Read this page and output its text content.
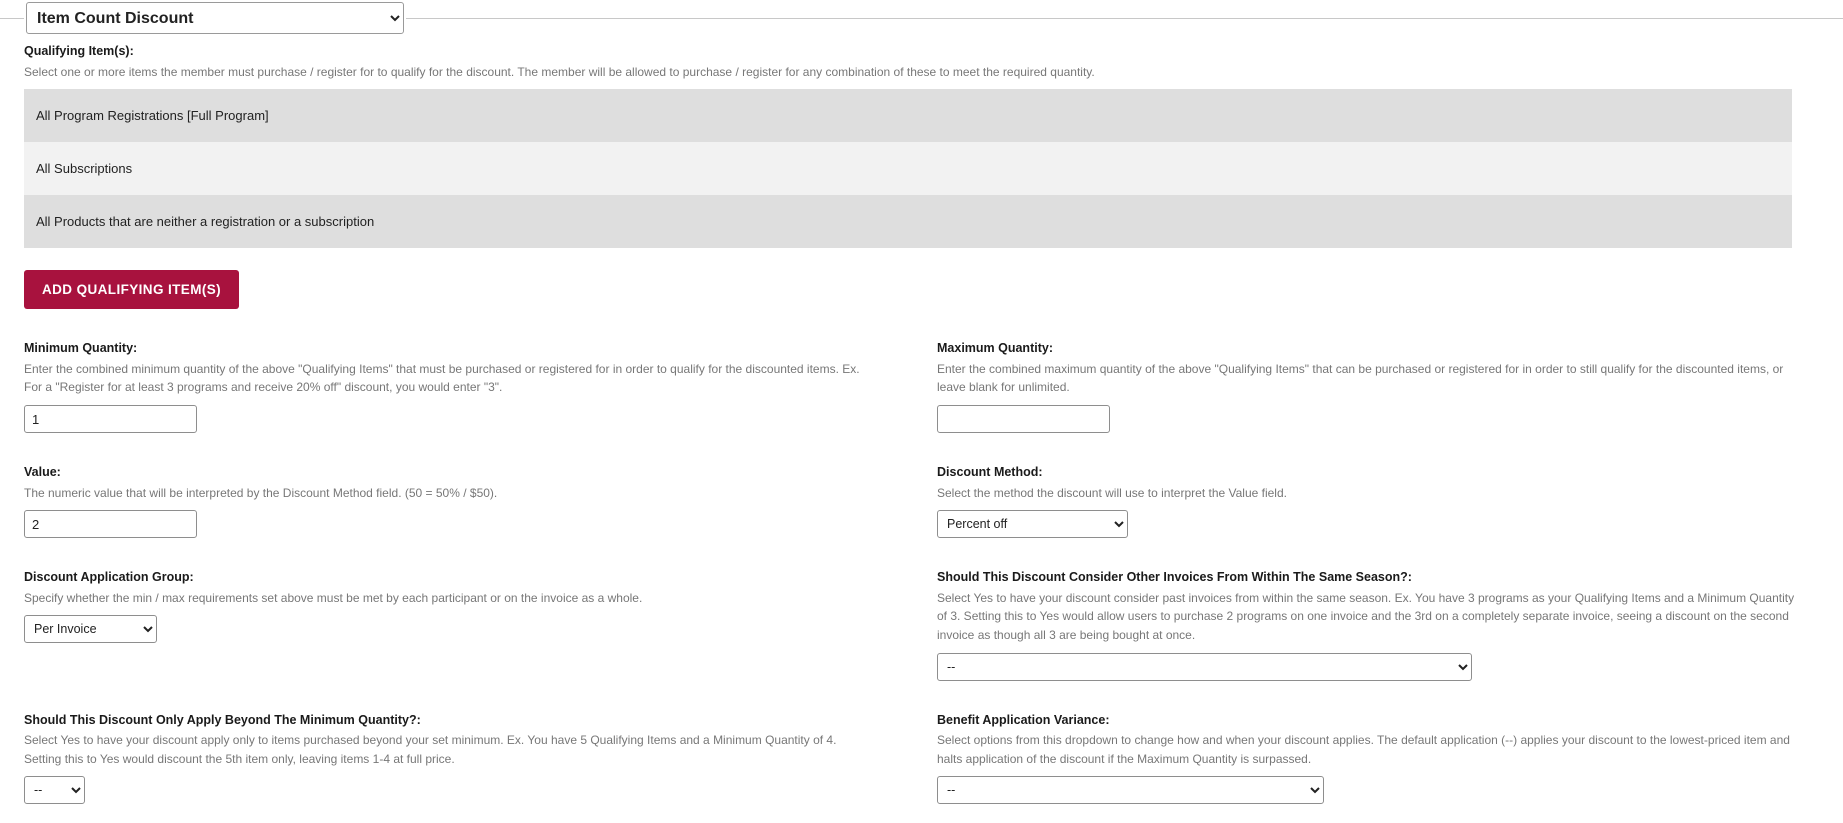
Item Count Discount
Qualifying Item(s):
Select one or more items the member must purchase / register for to qualify for the discount. The member will be allowed to purchase / register for any combination of these to meet the required quantity.
All Program Registrations [Full Program]	

All Subscriptions	

All Products that are neither a registration or a subscription	
ADD QUALIFYING ITEM(S)
Minimum Quantity:
Enter the combined minimum quantity of the above "Qualifying Items" that must be purchased or registered for in order to qualify for the discounted items. Ex. For a "Register for at least 3 programs and receive 20% off" discount, you would enter "3".
1
Maximum Quantity:
Enter the combined maximum quantity of the above "Qualifying Items" that can be purchased or registered for in order to still qualify for the discounted items, or leave blank for unlimited.
Value:
The numeric value that will be interpreted by the Discount Method field. (50 = 50% / $50).
2
Discount Method:
Select the method the discount will use to interpret the Value field.
Percent off
Discount Application Group:
Specify whether the min / max requirements set above must be met by each participant or on the invoice as a whole.
Per Invoice
Should This Discount Consider Other Invoices From Within The Same Season?:
Select Yes to have your discount consider past invoices from within the same season. Ex. You have 3 programs as your Qualifying Items and a Minimum Quantity of 3. Setting this to Yes would allow users to purchase 2 programs on one invoice and the 3rd on a completely separate invoice, seeing a discount on the second invoice as though all 3 are being bought at once.
--
Should This Discount Only Apply Beyond The Minimum Quantity?:
Select Yes to have your discount apply only to items purchased beyond your set minimum. Ex. You have 5 Qualifying Items and a Minimum Quantity of 4. Setting this to Yes would discount the 5th item only, leaving items 1-4 at full price.
--
Benefit Application Variance:
Select options from this dropdown to change how and when your discount applies. The default application (--) applies your discount to the lowest-priced item and halts application of the discount if the Maximum Quantity is surpassed.
--
